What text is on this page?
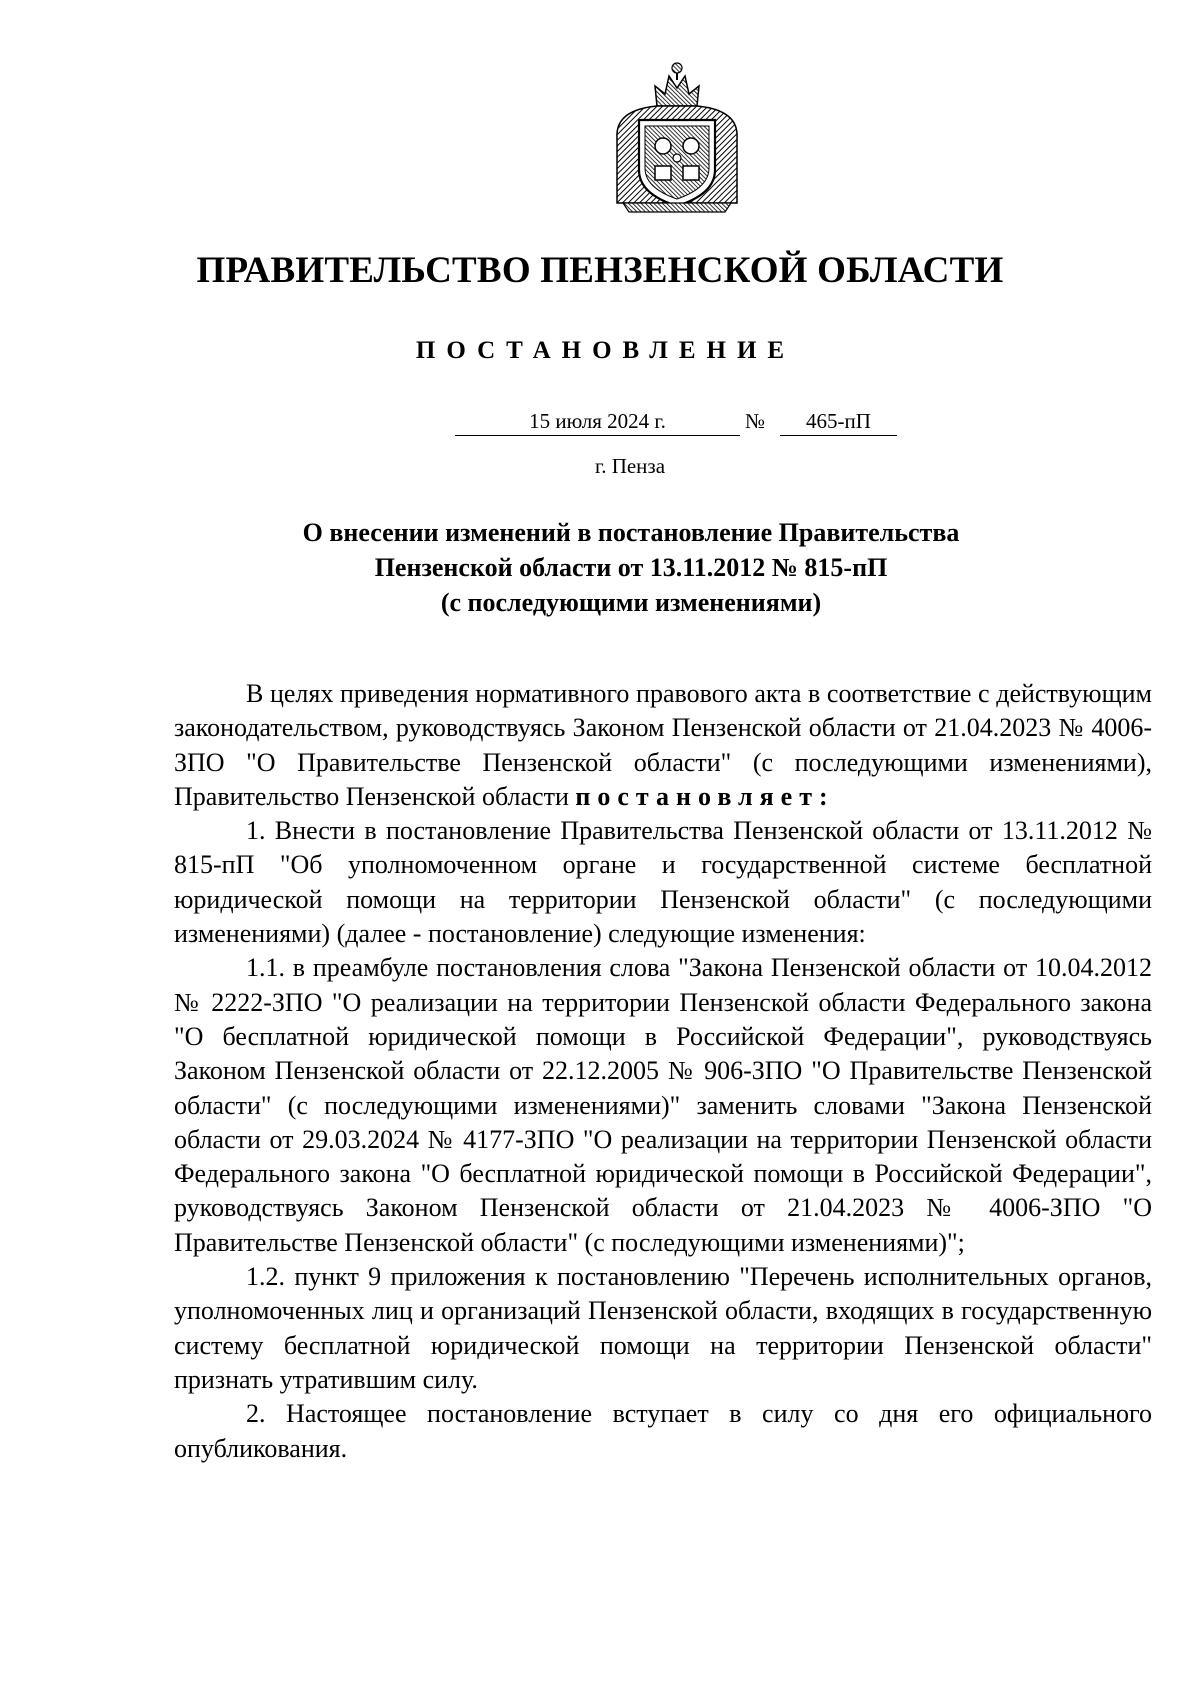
ПРАВИТЕЛЬСТВО ПЕНЗЕНСКОЙ ОБЛАСТИ
ПОСТАНОВЛЕНИЕ
15 июля 2024 г.	№	465-пП
г. Пенза
О внесении изменений в постановление Правительства
Пензенской области от 13.11.2012 № 815-пП
(с последующими изменениями)

В целях приведения нормативного правового акта в соответствие с действующим законодательством, руководствуясь Законом Пензенской области от 21.04.2023 № 4006-ЗПО "О Правительстве Пензенской области" (с последующими изменениями), Правительство Пензенской области постановляет:

1. Внести в постановление Правительства Пензенской области от 13.11.2012 № 815-пП "Об уполномоченном органе и государственной системе бесплатной юридической помощи на территории Пензенской области" (с последующими изменениями) (далее - постановление) следующие изменения:

1.1. в преамбуле постановления слова "Закона Пензенской области от 10.04.2012 № 2222-ЗПО "О реализации на территории Пензенской области Федерального закона "О бесплатной юридической помощи в Российской Федерации", руководствуясь Законом Пензенской области от 22.12.2005 № 906-ЗПО "О Правительстве Пензенской области" (с последующими изменениями)" заменить словами "Закона Пензенской области от 29.03.2024 № 4177-ЗПО "О реализации на территории Пензенской области Федерального закона "О бесплатной юридической помощи в Российской Федерации", руководствуясь Законом Пензенской области от 21.04.2023 № 4006-ЗПО "О Правительстве Пензенской области" (с последующими изменениями)";

1.2. пункт 9 приложения к постановлению "Перечень исполнительных органов, уполномоченных лиц и организаций Пензенской области, входящих в государственную систему бесплатной юридической помощи на территории Пензенской области" признать утратившим силу.

2. Настоящее постановление вступает в силу со дня его официального опубликования.
